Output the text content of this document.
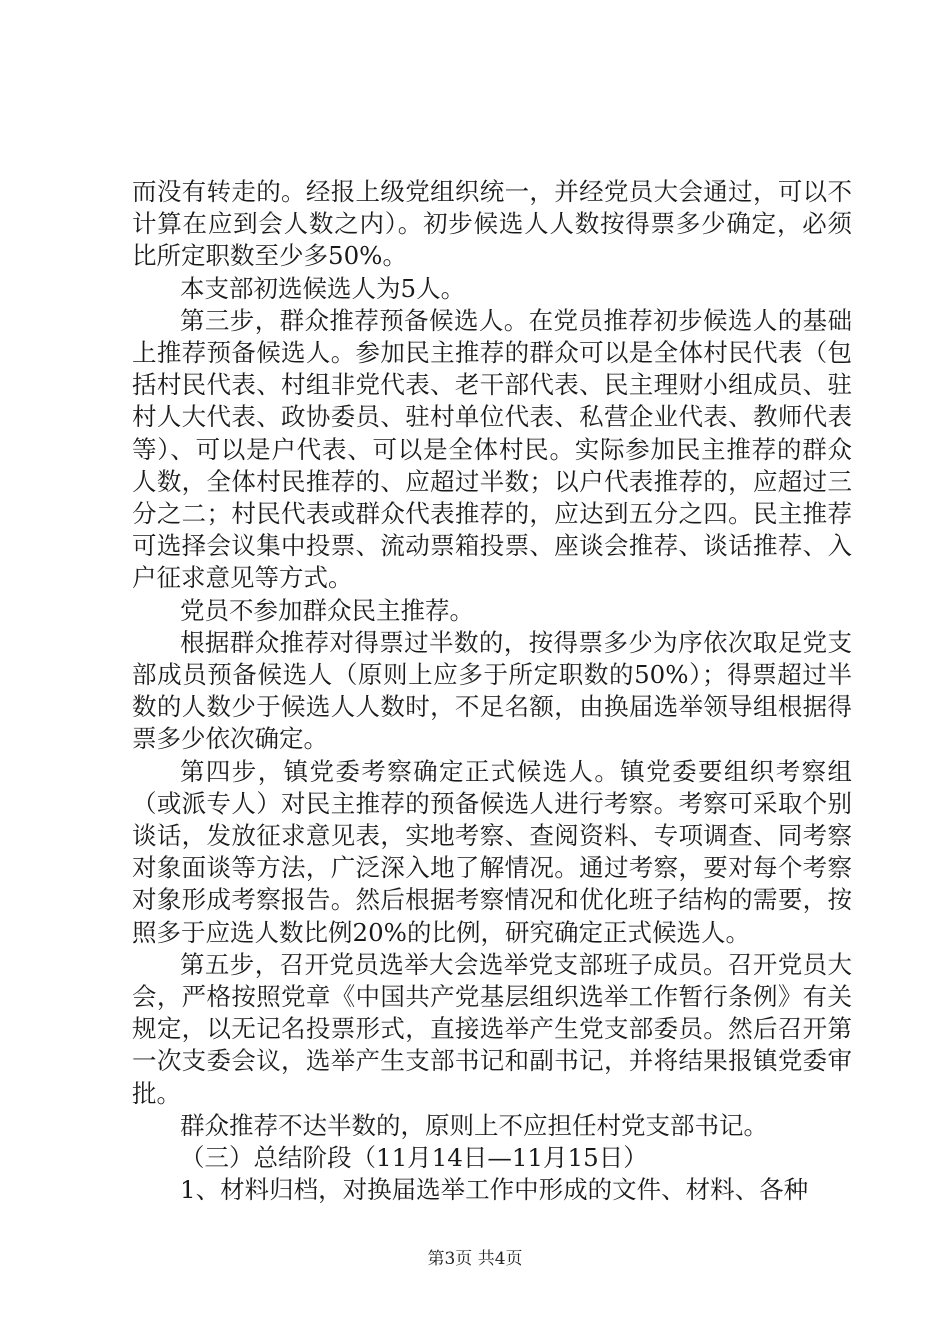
而没有转走的。经报上级党组织统一，并经党员大会通过，可以不计算在应到会人数之内）。初步候选人人数按得票多少确定，必须比所定职数至少多50%。

本支部初选候选人为5人。

第三步，群众推荐预备候选人。在党员推荐初步候选人的基础上推荐预备候选人。参加民主推荐的群众可以是全体村民代表（包括村民代表、村组非党代表、老干部代表、民主理财小组成员、驻村人大代表、政协委员、驻村单位代表、私营企业代表、教师代表等）、可以是户代表、可以是全体村民。实际参加民主推荐的群众人数，全体村民推荐的、应超过半数；以户代表推荐的，应超过三分之二；村民代表或群众代表推荐的，应达到五分之四。民主推荐可选择会议集中投票、流动票箱投票、座谈会推荐、谈话推荐、入户征求意见等方式。

党员不参加群众民主推荐。

根据群众推荐对得票过半数的，按得票多少为序依次取足党支部成员预备候选人（原则上应多于所定职数的50%）；得票超过半数的人数少于候选人人数时，不足名额，由换届选举领导组根据得票多少依次确定。

第四步，镇党委考察确定正式候选人。镇党委要组织考察组（或派专人）对民主推荐的预备候选人进行考察。考察可采取个别谈话，发放征求意见表，实地考察、查阅资料、专项调查、同考察对象面谈等方法，广泛深入地了解情况。通过考察，要对每个考察对象形成考察报告。然后根据考察情况和优化班子结构的需要，按照多于应选人数比例20%的比例，研究确定正式候选人。

第五步，召开党员选举大会选举党支部班子成员。召开党员大会，严格按照党章《中国共产党基层组织选举工作暂行条例》有关规定，以无记名投票形式，直接选举产生党支部委员。然后召开第一次支委会议，选举产生支部书记和副书记，并将结果报镇党委审批。

群众推荐不达半数的，原则上不应担任村党支部书记。

（三）总结阶段（11月14日—11月15日）

1、材料归档，对换届选举工作中形成的文件、材料、各种

第3页 共4页
